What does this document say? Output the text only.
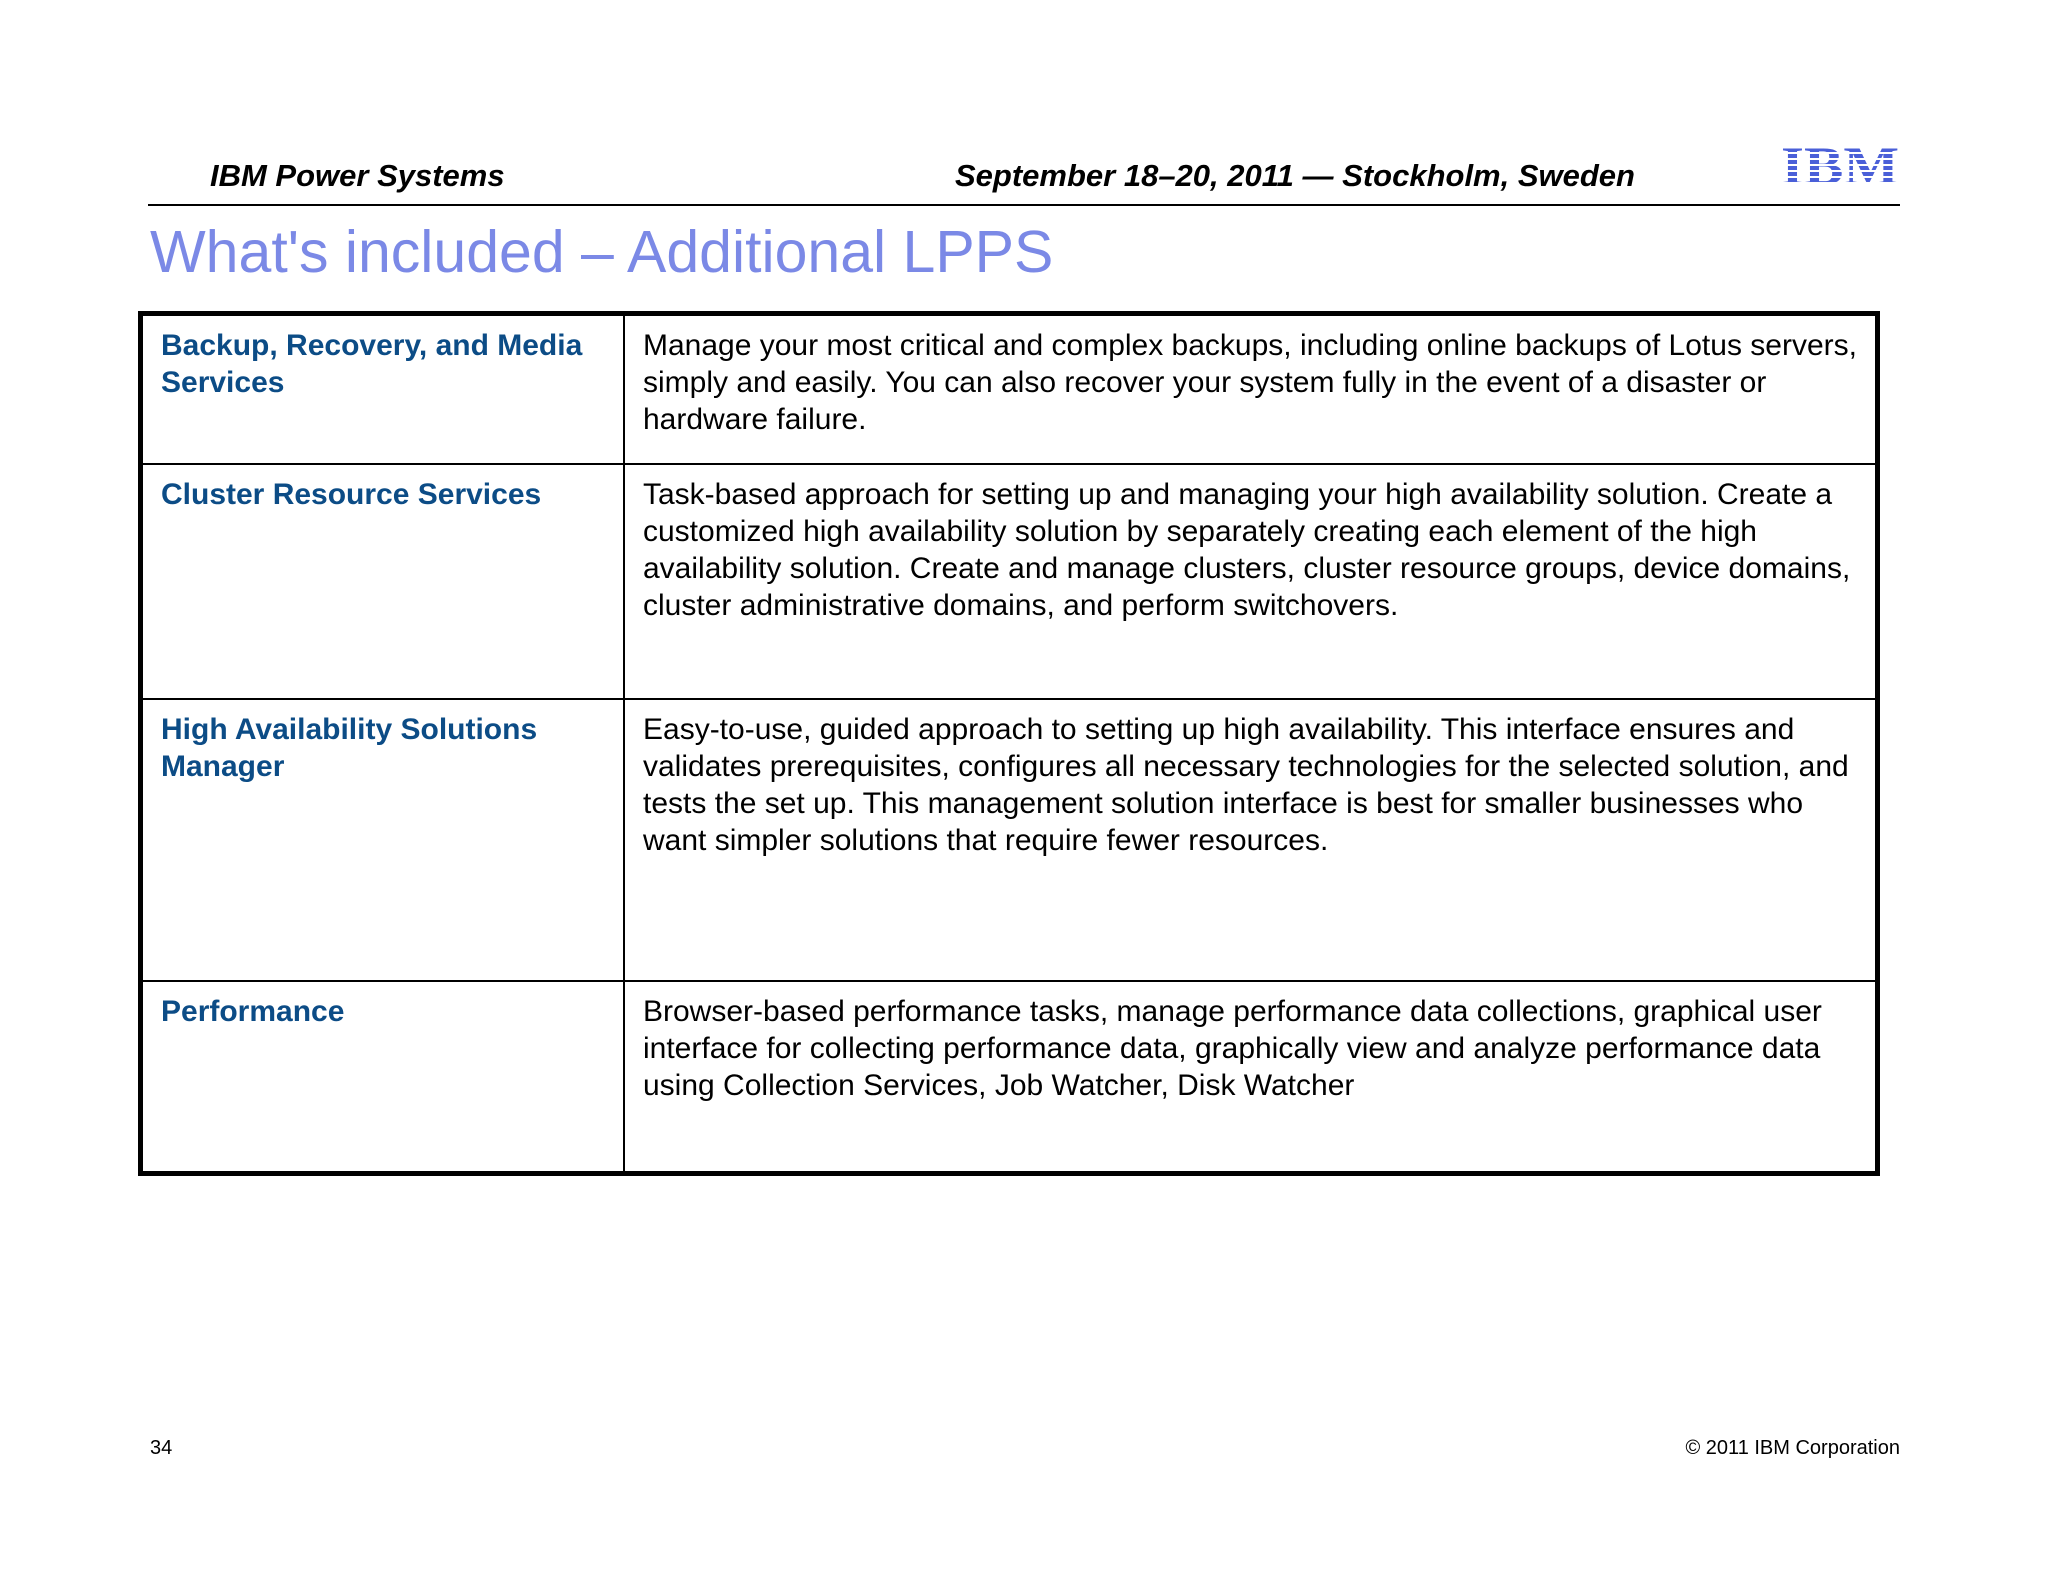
IBM Power Systems	September 18–20, 2011 — Stockholm, Sweden
What's included – Additional LPPS
Backup, Recovery, and Media Services	Manage your most critical and complex backups, including online backups of Lotus servers, simply and easily. You can also recover your system fully in the event of a disaster or hardware failure.
Cluster Resource Services	Task-based approach for setting up and managing your high availability solution. Create a customized high availability solution by separately creating each element of the high availability solution. Create and manage clusters, cluster resource groups, device domains, cluster administrative domains, and perform switchovers.
High Availability Solutions Manager	Easy-to-use, guided approach to setting up high availability. This interface ensures and validates prerequisites, configures all necessary technologies for the selected solution, and tests the set up. This management solution interface is best for smaller businesses who want simpler solutions that require fewer resources.
Performance	Browser-based performance tasks, manage performance data collections, graphical user interface for collecting performance data, graphically view and analyze performance data using Collection Services, Job Watcher, Disk Watcher
34	© 2011 IBM Corporation
